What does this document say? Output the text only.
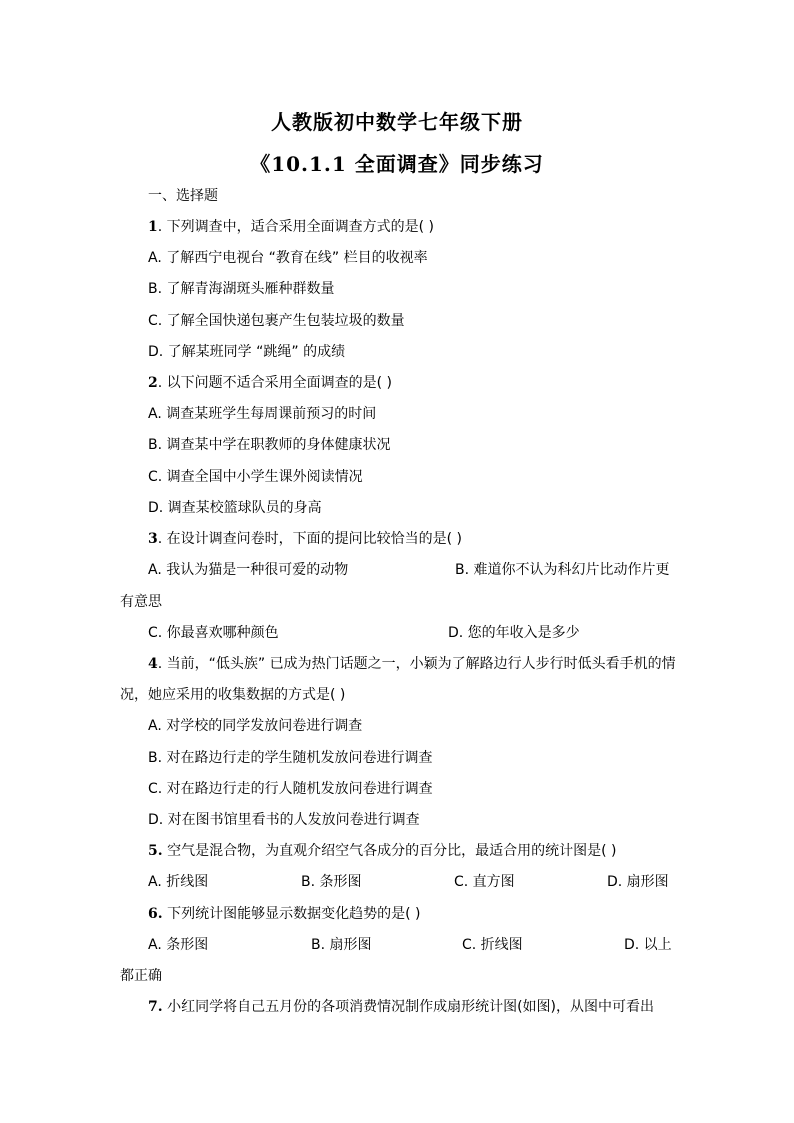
人教版初中数学七年级下册
《10.1.1 全面调查》同步练习
一、选择题
1. 下列调查中，适合采用全面调查方式的是( )
A. 了解西宁电视台 “教育在线” 栏目的收视率
B. 了解青海湖斑头雁种群数量
C. 了解全国快递包裹产生包装垃圾的数量
D. 了解某班同学 “跳绳” 的成绩
2. 以下问题不适合采用全面调查的是( )
A. 调查某班学生每周课前预习的时间
B. 调查某中学在职教师的身体健康状况
C. 调查全国中小学生课外阅读情况
D. 调查某校篮球队员的身高
3. 在设计调查问卷时，下面的提问比较恰当的是( )
A. 我认为猫是一种很可爱的动物	B. 难道你不认为科幻片比动作片更
有意思
C. 你最喜欢哪种颜色	D. 您的年收入是多少
4. 当前，“低头族” 已成为热门话题之一，小颖为了解路边行人步行时低头看手机的情
况，她应采用的收集数据的方式是( )
A. 对学校的同学发放问卷进行调查
B. 对在路边行走的学生随机发放问卷进行调查
C. 对在路边行走的行人随机发放问卷进行调查
D. 对在图书馆里看书的人发放问卷进行调查
5. 空气是混合物，为直观介绍空气各成分的百分比，最适合用的统计图是( )
A. 折线图	B. 条形图	C. 直方图	D. 扇形图
6. 下列统计图能够显示数据变化趋势的是( )
A. 条形图	B. 扇形图	C. 折线图	D. 以上
都正确
7. 小红同学将自己五月份的各项消费情况制作成扇形统计图(如图)，从图中可看出
